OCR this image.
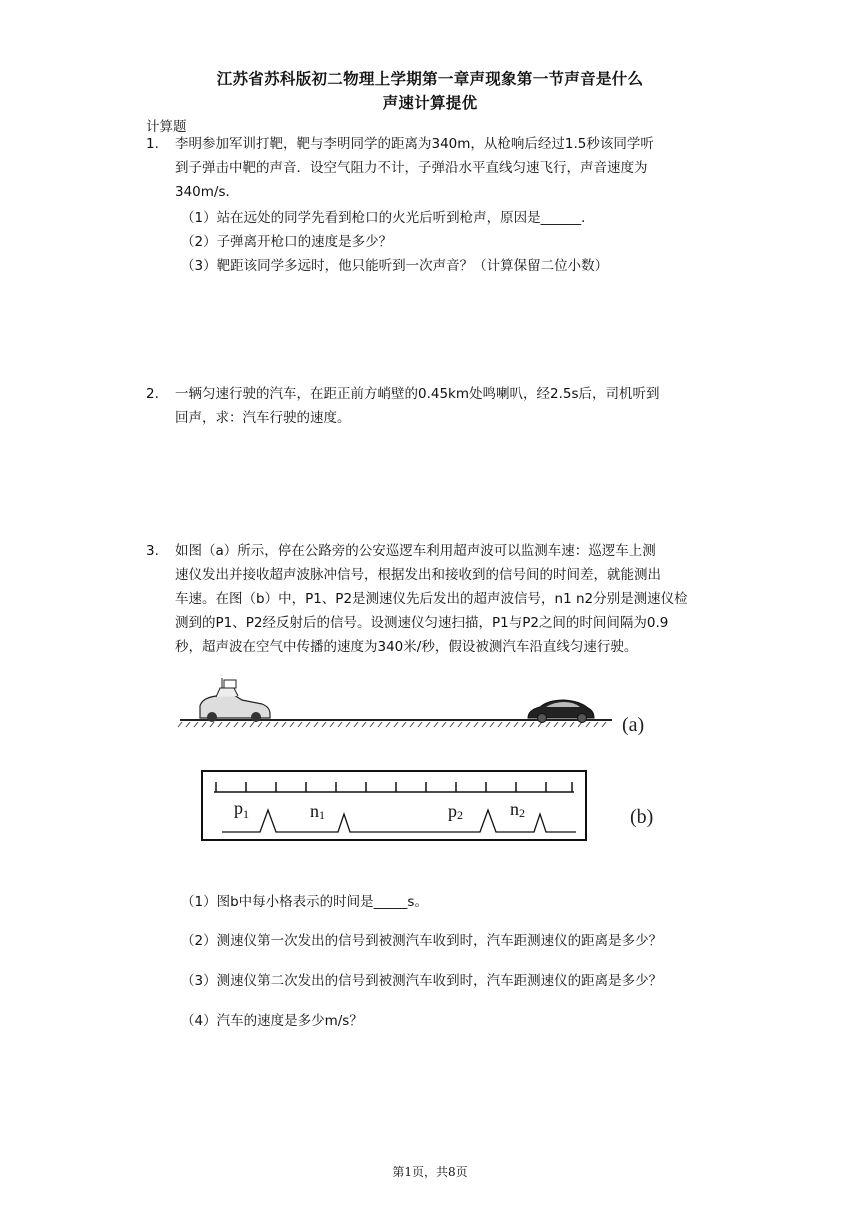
江苏省苏科版初二物理上学期第一章声现象第一节声音是什么
声速计算提优
计算题
1. 李明参加军训打靶，靶与李明同学的距离为340m，从枪响后经过1.5秒该同学听
到子弹击中靶的声音．设空气阻力不计，子弹沿水平直线匀速飞行，声音速度为
340m/s．
（1）站在远处的同学先看到枪口的火光后听到枪声，原因是______．
（2）子弹离开枪口的速度是多少？
（3）靶距该同学多远时，他只能听到一次声音？（计算保留二位小数）
2. 一辆匀速行驶的汽车，在距正前方峭壁的0.45km处鸣喇叭，经2.5s后，司机听到
回声，求：汽车行驶的速度。
3. 如图（a）所示，停在公路旁的公安巡逻车利用超声波可以监测车速：巡逻车上测
速仪发出并接收超声波脉冲信号，根据发出和接收到的信号间的时间差，就能测出
车速。在图（b）中，P1、P2是测速仪先后发出的超声波信号，n1 n2分别是测速仪检
测到的P1、P2经反射后的信号。设测速仪匀速扫描，P1与P2之间的时间间隔为0.9
秒，超声波在空气中传播的速度为340米/秒，假设被测汽车沿直线匀速行驶。
(a)
$p_1$	n1	p2	n2	(b)
（1）图b中每小格表示的时间是_____s。
（2）测速仪第一次发出的信号到被测汽车收到时，汽车距测速仪的距离是多少？
（3）测速仪第二次发出的信号到被测汽车收到时，汽车距测速仪的距离是多少？
（4）汽车的速度是多少m/s？
第1页，共8页
